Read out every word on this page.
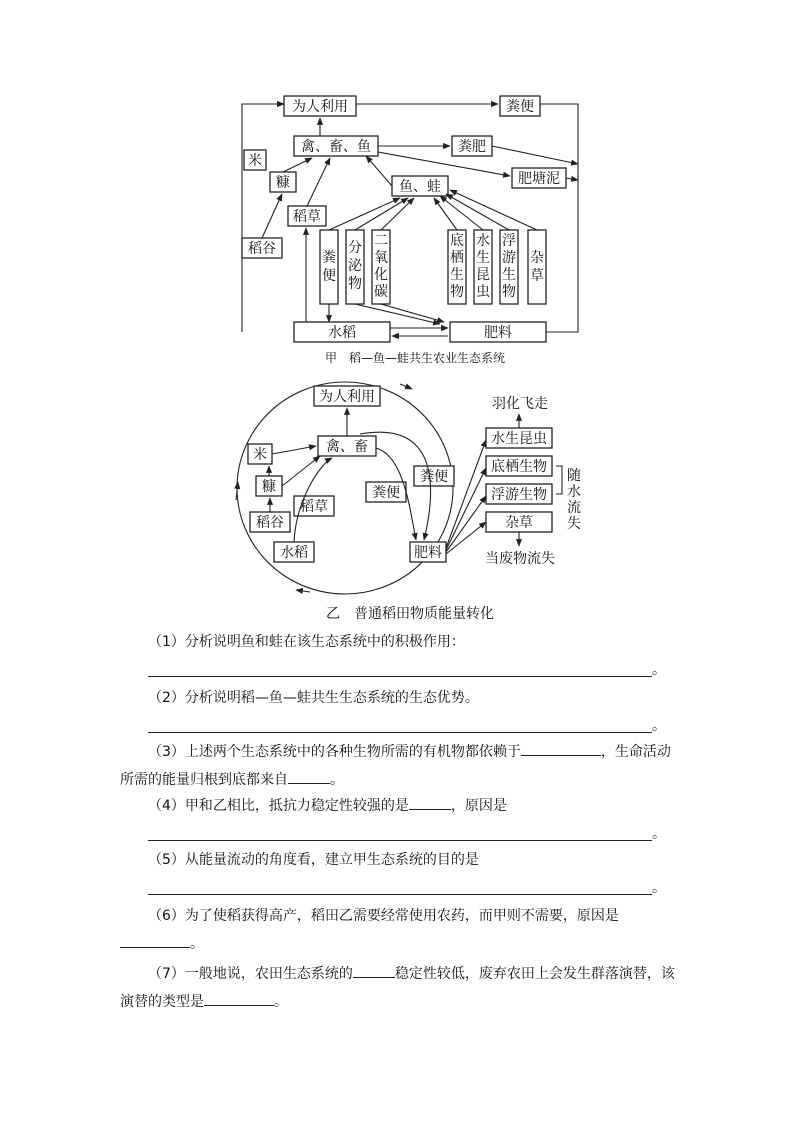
为人利用	粪便
禽、畜、鱼	粪肥
肥塘泥
米
糠
稻草
鱼、蛙
稻谷
粪便
分泌物
二氧化碳
底栖生物
水生昆虫
浮游生物
杂草
水稻	肥料
甲　稻—鱼—蛙共生农业生态系统
为人利用
禽、畜
米
糠
稻草
稻谷
水稻
粪便
粪便
肥料
羽化飞走
水生昆虫
底栖生物
浮游生物
杂草
随水流失
当废物流失
乙　普通稻田物质能量转化
（1）分析说明鱼和蛙在该生态系统中的积极作用：
。
（2）分析说明稻—鱼—蛙共生生态系统的生态优势。
。
（3）上述两个生态系统中的各种生物所需的有机物都依赖于	，生命活动
所需的能量归根到底都来自	。
（4）甲和乙相比，抵抗力稳定性较强的是	，原因是
。
（5）从能量流动的角度看，建立甲生态系统的目的是
。
（6）为了使稻获得高产，稻田乙需要经常使用农药，而甲则不需要，原因是
。
（7）一般地说，农田生态系统的	稳定性较低，废弃农田上会发生群落演替，该
演替的类型是	。
